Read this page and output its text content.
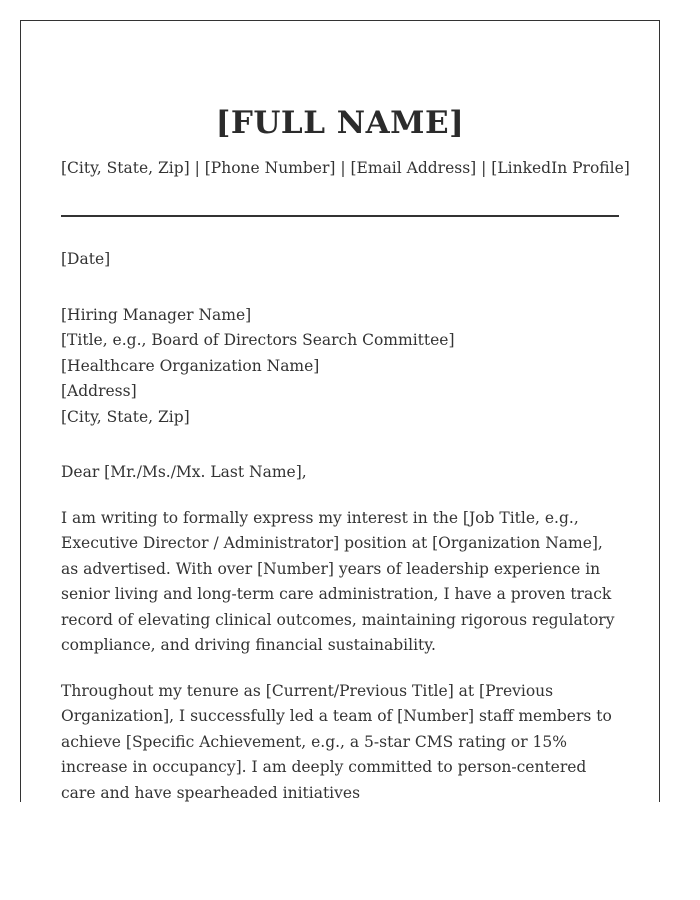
[FULL NAME]
[City, State, Zip] | [Phone Number] | [Email Address] | [LinkedIn Profile]

[Date]

[Hiring Manager Name]

[Title, e.g., Board of Directors Search Committee]

[Healthcare Organization Name]

[Address]

[City, State, Zip]

Dear [Mr./Ms./Mx. Last Name],

I am writing to formally express my interest in the [Job Title, e.g., Executive Director / Administrator] position at [Organization Name], as advertised. With over [Number] years of leadership experience in senior living and long-term care administration, I have a proven track record of elevating clinical outcomes, maintaining rigorous regulatory compliance, and driving financial sustainability.

Throughout my tenure as [Current/Previous Title] at [Previous Organization], I successfully led a team of [Number] staff members to achieve [Specific Achievement, e.g., a 5-star CMS rating or 15% increase in occupancy]. I am deeply committed to person-centered care and have spearheaded initiatives
